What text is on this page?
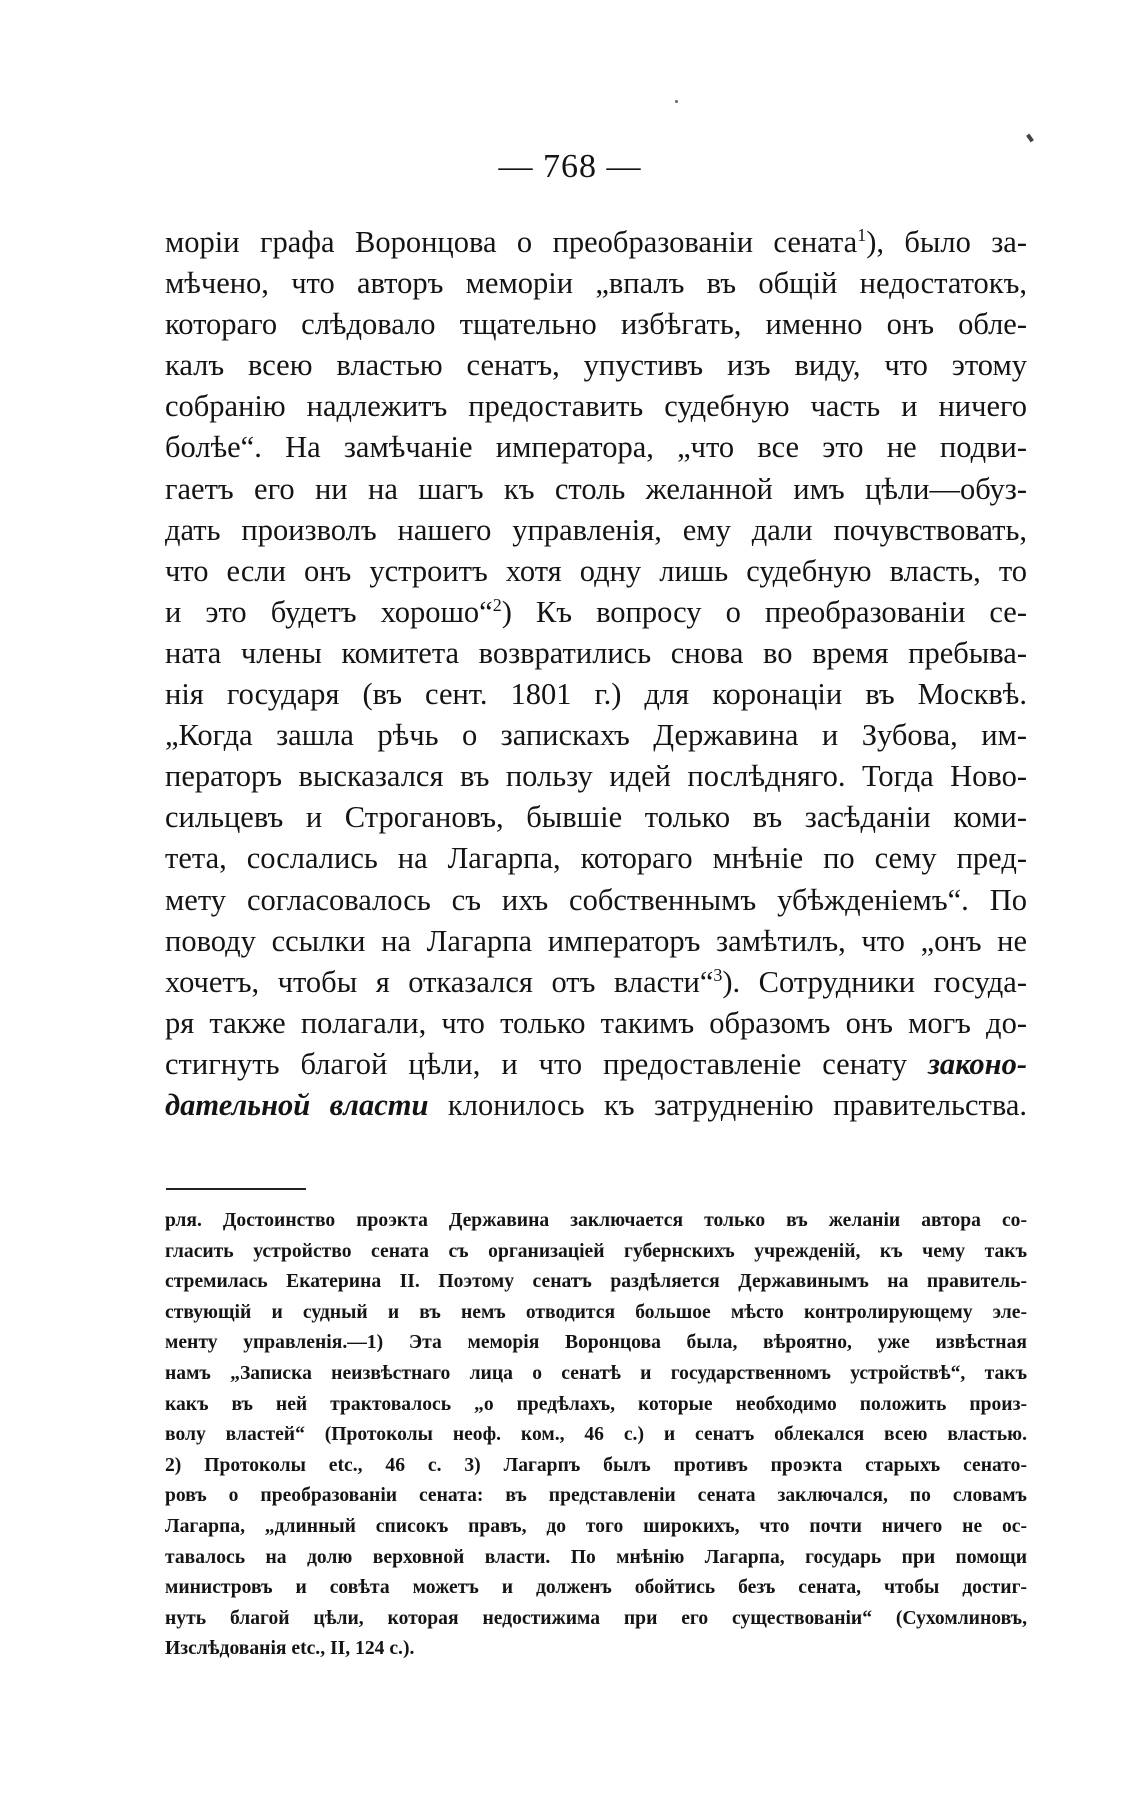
— 768 —
моріи графа Воронцова о преобразованіи сената$^1$), было за-
мѣчено, что авторъ меморіи „впалъ въ общій недостатокъ,
котораго слѣдовало тщательно избѣгать, именно онъ обле-
калъ всею властью сенатъ, упустивъ изъ виду, что этому
собранію надлежитъ предоставить судебную часть и ничего
болѣе“. На замѣчаніе императора, „что все это не подви-
гаетъ его ни на шагъ къ столь желанной имъ цѣли—обуз-
дать произволъ нашего управленія, ему дали почувствовать,
что если онъ устроитъ хотя одну лишь судебную власть, то
и это будетъ хорошо“$^2$) Къ вопросу о преобразованіи се-
ната члены комитета возвратились снова во время пребыва-
нія государя (въ сент. 1801 г.) для коронаціи въ Москвѣ.
„Когда зашла рѣчь о запискахъ Державина и Зубова, им-
ператоръ высказался въ пользу идей послѣдняго. Тогда Ново-
сильцевъ и Строгановъ, бывшіе только въ засѣданіи коми-
тета, сослались на Лагарпа, котораго мнѣніе по сему пред-
мету согласовалось съ ихъ собственнымъ убѣжденіемъ“. По
поводу ссылки на Лагарпа императоръ замѣтилъ, что „онъ не
хочетъ, чтобы я отказался отъ власти“$^3$). Сотрудники госуда-
ря также полагали, что только такимъ образомъ онъ могъ до-
стигнуть благой цѣли, и что предоставленіе сенату законо-
дательной власти клонилось къ затрудненію правительства.
рля. Достоинство проэкта Державина заключается только въ желаніи автора со-
гласить устройство сената съ организаціей губернскихъ учрежденій, къ чему такъ
стремилась Екатерина II. Поэтому сенатъ раздѣляется Державинымъ на правитель-
ствующій и судный и въ немъ отводится большое мѣсто контролирующему эле-
менту управленія.—1) Эта меморія Воронцова была, вѣроятно, уже извѣстная
намъ „Записка неизвѣстнаго лица о сенатѣ и государственномъ устройствѣ“, такъ
какъ въ ней трактовалось „о предѣлахъ, которые необходимо положить произ-
волу властей“ (Протоколы неоф. ком., 46 с.) и сенатъ облекался всею властью.
2) Протоколы etc., 46 с. 3) Лагарпъ былъ противъ проэкта старыхъ сенато-
ровъ о преобразованіи сената: въ представленіи сената заключался, по словамъ
Лагарпа, „длинный списокъ правъ, до того широкихъ, что почти ничего не ос-
тавалось на долю верховной власти. По мнѣнію Лагарпа, государь при помощи
министровъ и совѣта можетъ и долженъ обойтись безъ сената, чтобы достиг-
нуть благой цѣли, которая недостижима при его существованіи“ (Сухомлиновъ,
Изслѣдованія etc., II, 124 с.).
